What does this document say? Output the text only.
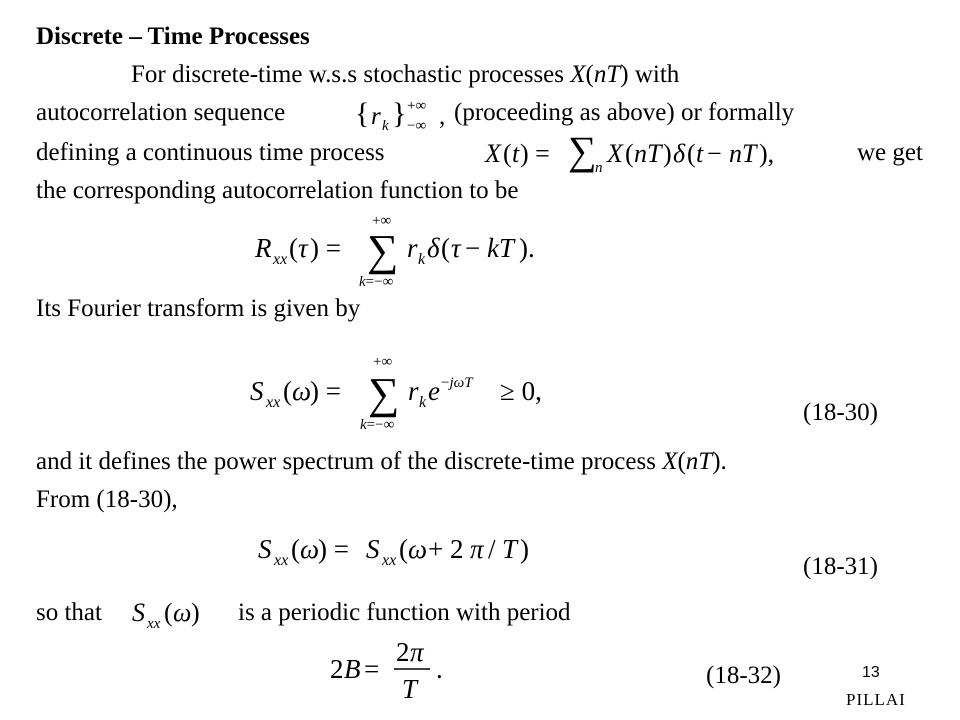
Discrete – Time Processes
For discrete-time w.s.s stochastic processes X(nT) with
autocorrelation sequence { r k } +∞
−∞ , (proceeding as above) or formally
defining a continuous time process	X ( t ) = ∑
n X ( nT ) δ ( t − nT ),	we get
the corresponding autocorrelation function to be
R xx ( τ ) =
+∞
∑
k=−∞
r k δ ( τ − kT ).
Its Fourier transform is given by
S xx ( ω
) =
+∞
∑
k=−∞
r k e −jωT ≥ 0,
(18-30)
and it defines the power spectrum of the discrete-time process X(nT).
From (18-30),
S xx ( ω
) = S xx ( ω + 2 π / T )
(18-31)
so that S xx ( ω ) is a periodic function with period
2 B =
2 π
T
.	(18-32)	13
PILLAI
